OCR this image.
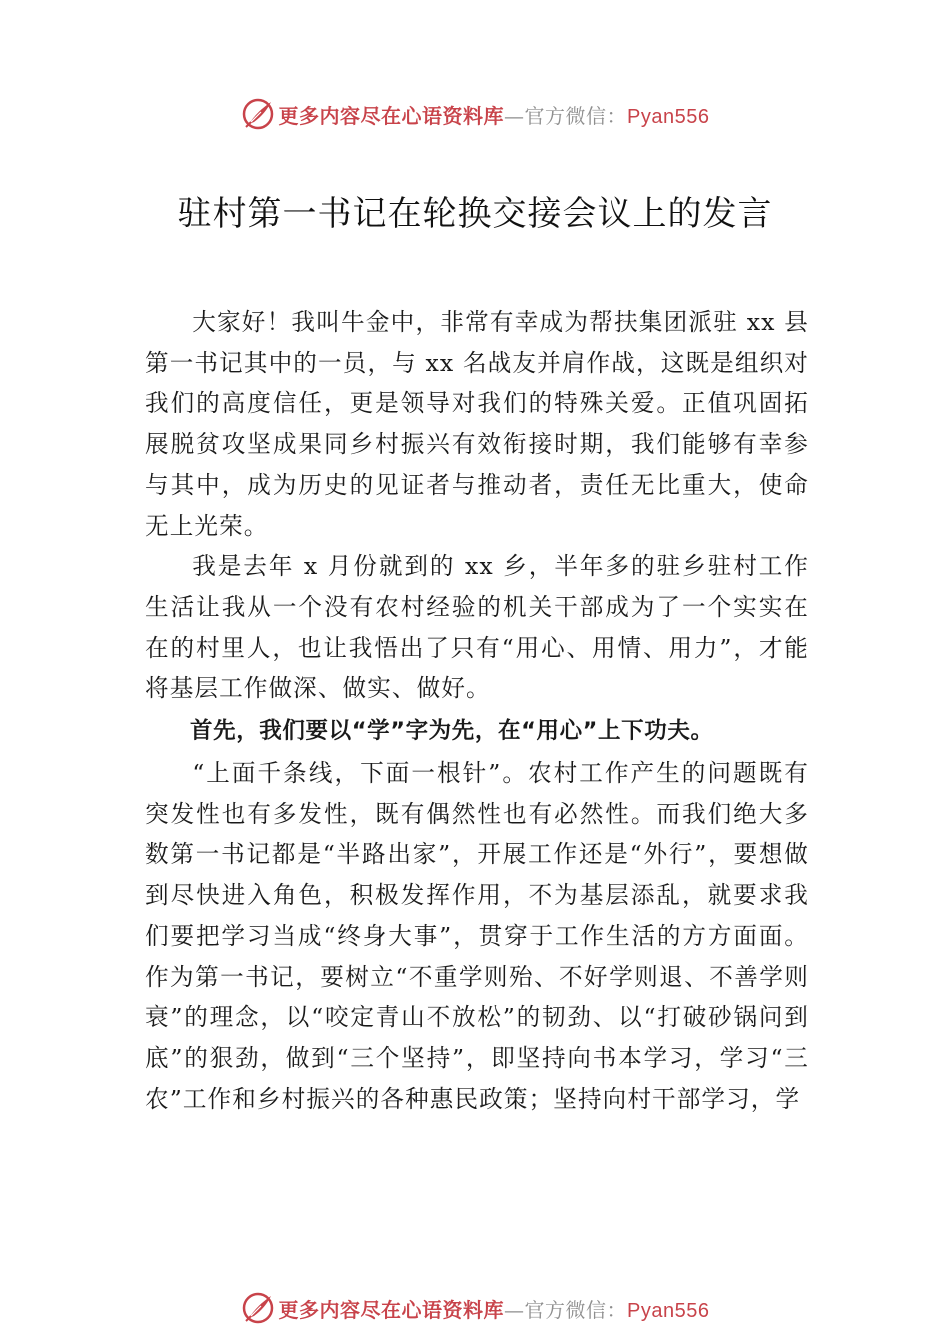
更多内容尽在心语资料库—官方微信：Pyan556
驻村第一书记在轮换交接会议上的发言

大家好！我叫牛金中，非常有幸成为帮扶集团派驻 xx 县第一书记其中的一员，与 xx 名战友并肩作战，这既是组织对我们的高度信任，更是领导对我们的特殊关爱。正值巩固拓展脱贫攻坚成果同乡村振兴有效衔接时期，我们能够有幸参与其中，成为历史的见证者与推动者，责任无比重大，使命无上光荣。

我是去年 x 月份就到的 xx 乡，半年多的驻乡驻村工作生活让我从一个没有农村经验的机关干部成为了一个实实在在的村里人，也让我悟出了只有“用心、用情、用力”，才能将基层工作做深、做实、做好。

首先，我们要以“学”字为先，在“用心”上下功夫。

“上面千条线，下面一根针”。农村工作产生的问题既有突发性也有多发性，既有偶然性也有必然性。而我们绝大多数第一书记都是“半路出家”，开展工作还是“外行”，要想做到尽快进入角色，积极发挥作用，不为基层添乱，就要求我们要把学习当成“终身大事”，贯穿于工作生活的方方面面。作为第一书记，要树立“不重学则殆、不好学则退、不善学则衰”的理念，以“咬定青山不放松”的韧劲、以“打破砂锅问到底”的狠劲，做到“三个坚持”，即坚持向书本学习，学习“三农”工作和乡村振兴的各种惠民政策；坚持向村干部学习，学

更多内容尽在心语资料库—官方微信：Pyan556
